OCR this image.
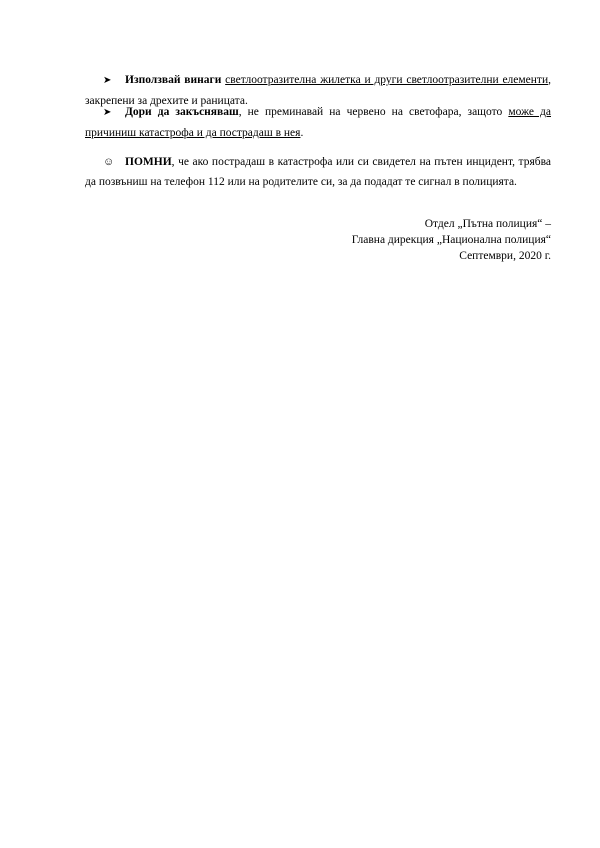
➤ Използвай винаги светлоотразителна жилетка и други светлоотразителни елементи, закрепени за дрехите и раницата.
➤ Дори да закъсняваш, не преминавай на червено на светофара, защото може да причиниш катастрофа и да пострадаш в нея.
☺ ПОМНИ, че ако пострадаш в катастрофа или си свидетел на пътен инцидент, трябва да позвъниш на телефон 112 или на родителите си, за да подадат те сигнал в полицията.
Отдел „Пътна полиция“ –
Главна дирекция „Национална полиция“
Септември, 2020 г.
